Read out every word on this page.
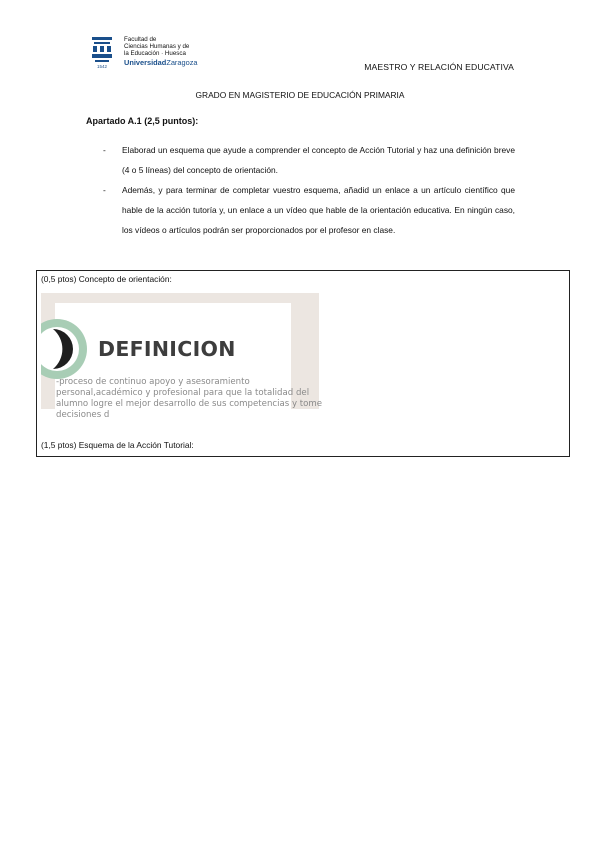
1542
Facultad de
Ciencias Humanas y de
la Educación · Huesca
UniversidadZaragoza	MAESTRO Y RELACIÓN EDUCATIVA
GRADO EN MAGISTERIO DE EDUCACIÓN PRIMARIA
Apartado A.1 (2,5 puntos):
- Elaborad un esquema que ayude a comprender el concepto de Acción Tutorial y haz una definición breve (4 o 5 líneas) del concepto de orientación.
- Además, y para terminar de completar vuestro esquema, añadid un enlace a un artículo científico que hable de la acción tutoría y, un enlace a un vídeo que hable de la orientación educativa. En ningún caso, los vídeos o artículos podrán ser proporcionados por el profesor en clase.
(0,5 ptos) Concepto de orientación:
DEFINICION
-proceso de continuo apoyo y asesoramiento personal,académico y profesional para que la totalidad del alumno logre el mejor desarrollo de sus competencias y tome decisiones d
(1,5 ptos) Esquema de la Acción Tutorial:
